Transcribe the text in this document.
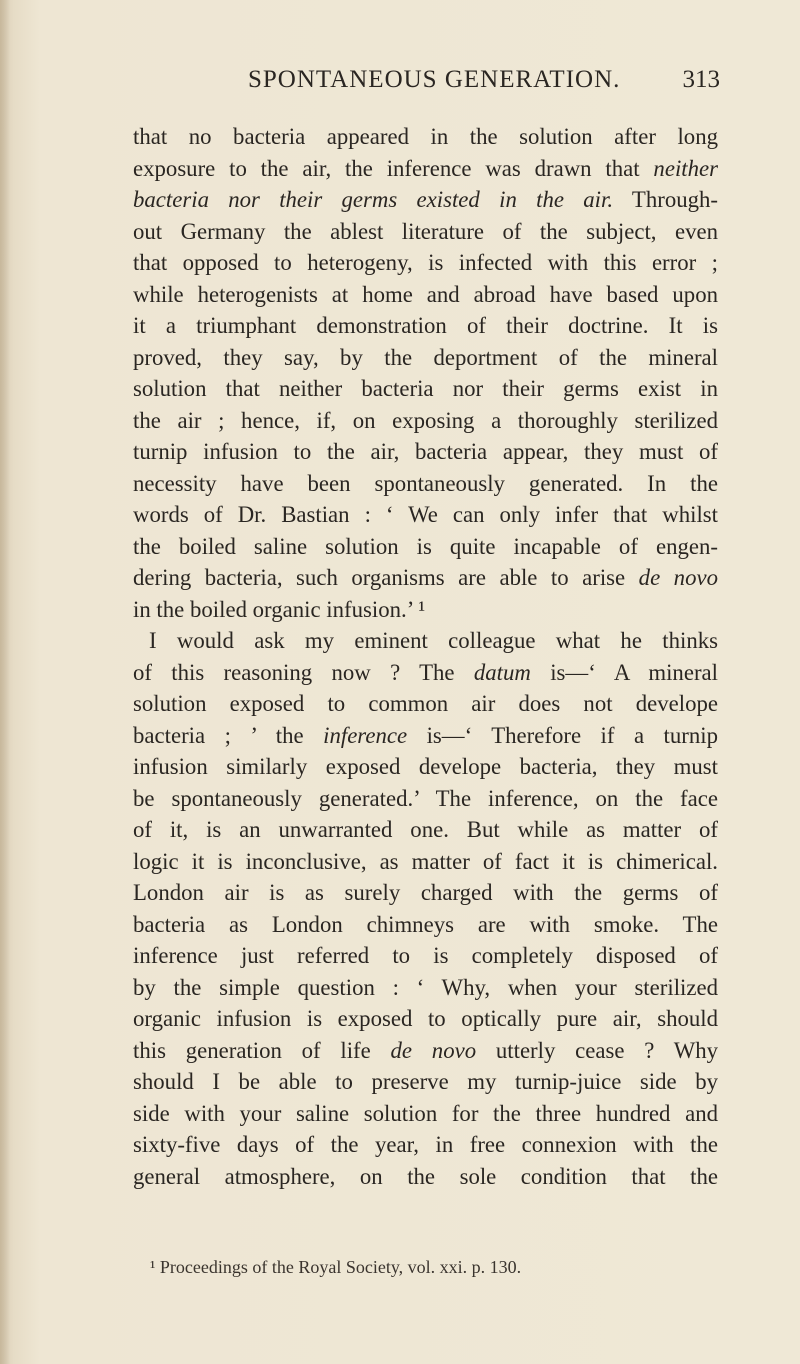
SPONTANEOUS GENERATION. 313
that no bacteria appeared in the solution after long
exposure to the air, the inference was drawn that neither
bacteria nor their germs existed in the air. Through-
out Germany the ablest literature of the subject, even
that opposed to heterogeny, is infected with this error ;
while heterogenists at home and abroad have based upon
it a triumphant demonstration of their doctrine. It is
proved, they say, by the deportment of the mineral
solution that neither bacteria nor their germs exist in
the air ; hence, if, on exposing a thoroughly sterilized
turnip infusion to the air, bacteria appear, they must of
necessity have been spontaneously generated. In the
words of Dr. Bastian : ‘ We can only infer that whilst
the boiled saline solution is quite incapable of engen-
dering bacteria, such organisms are able to arise de novo
in the boiled organic infusion.’ ¹
I would ask my eminent colleague what he thinks
of this reasoning now ? The datum is—‘ A mineral
solution exposed to common air does not develope
bacteria ; ’ the inference is—‘ Therefore if a turnip
infusion similarly exposed develope bacteria, they must
be spontaneously generated.’ The inference, on the face
of it, is an unwarranted one. But while as matter of
logic it is inconclusive, as matter of fact it is chimerical.
London air is as surely charged with the germs of
bacteria as London chimneys are with smoke. The
inference just referred to is completely disposed of
by the simple question : ‘ Why, when your sterilized
organic infusion is exposed to optically pure air, should
this generation of life de novo utterly cease ? Why
should I be able to preserve my turnip-juice side by
side with your saline solution for the three hundred and
sixty-five days of the year, in free connexion with the
general atmosphere, on the sole condition that the
¹ Proceedings of the Royal Society, vol. xxi. p. 130.
